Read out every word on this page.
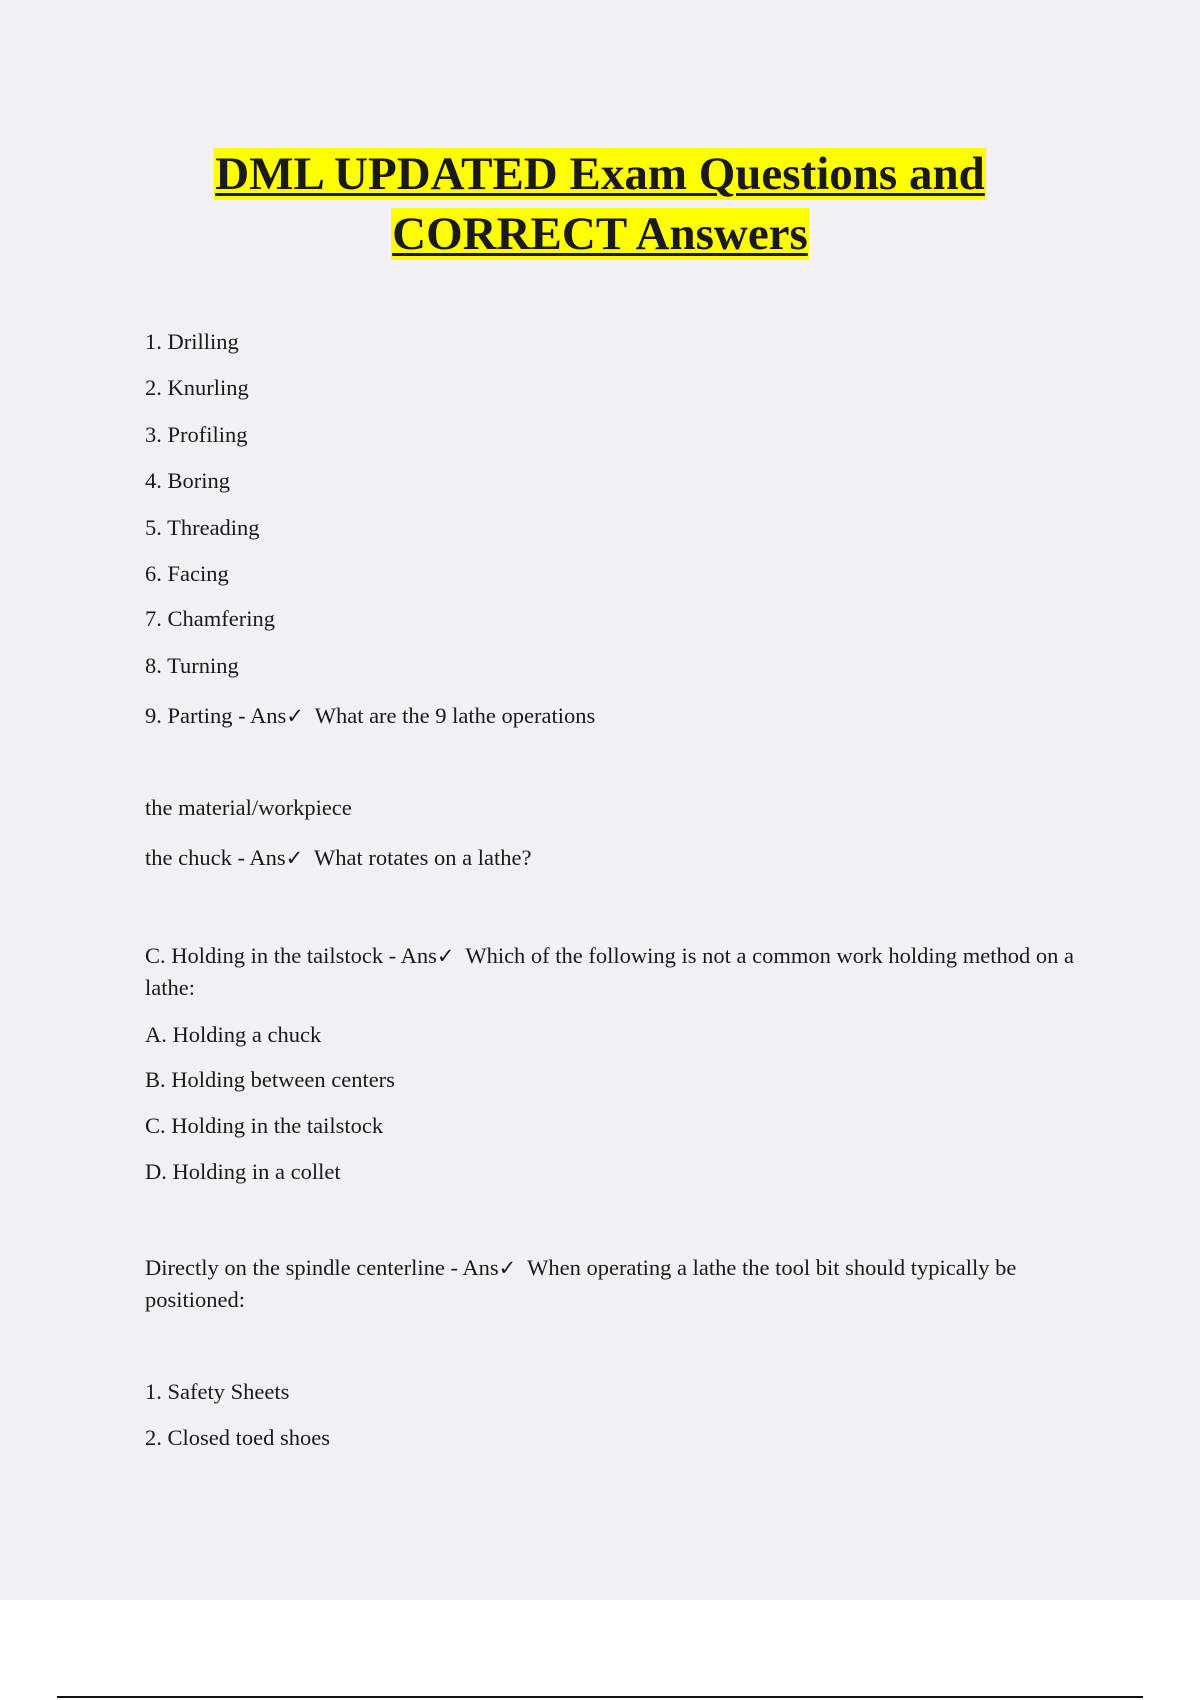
DML UPDATED Exam Questions and
CORRECT Answers
1. Drilling
2. Knurling
3. Profiling
4. Boring
5. Threading
6. Facing
7. Chamfering
8. Turning
9. Parting - Ans✓ What are the 9 lathe operations
the material/workpiece
the chuck - Ans✓ What rotates on a lathe?
C. Holding in the tailstock - Ans✓ Which of the following is not a common work holding method on a lathe:
A. Holding a chuck
B. Holding between centers
C. Holding in the tailstock
D. Holding in a collet
Directly on the spindle centerline - Ans✓ When operating a lathe the tool bit should typically be positioned:
1. Safety Sheets
2. Closed toed shoes
